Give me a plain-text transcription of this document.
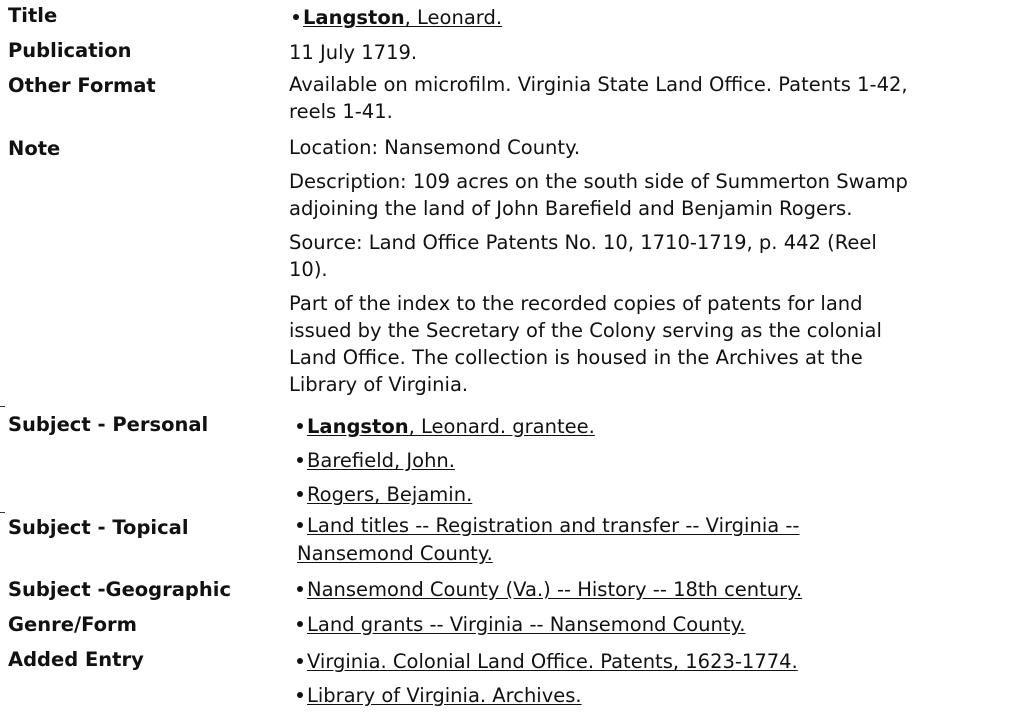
Title	Langston, Leonard.
Publication	11 July 1719.
Other Format	Available on microfilm. Virginia State Land Office. Patents 1-42,
reels 1-41.
Note	Location: Nansemond County.
Description: 109 acres on the south side of Summerton Swamp
adjoining the land of John Barefield and Benjamin Rogers.
Source: Land Office Patents No. 10, 1710-1719, p. 442 (Reel
10).
Part of the index to the recorded copies of patents for land
issued by the Secretary of the Colony serving as the colonial
Land Office. The collection is housed in the Archives at the
Library of Virginia.
Subject - Personal	Langston, Leonard. grantee.
Barefield, John.
Rogers, Bejamin.
Subject - Topical	Land titles -- Registration and transfer -- Virginia --
Nansemond County.
Subject -Geographic	Nansemond County (Va.) -- History -- 18th century.
Genre/Form	Land grants -- Virginia -- Nansemond County.
Added Entry	Virginia. Colonial Land Office. Patents, 1623-1774.
Library of Virginia. Archives.
